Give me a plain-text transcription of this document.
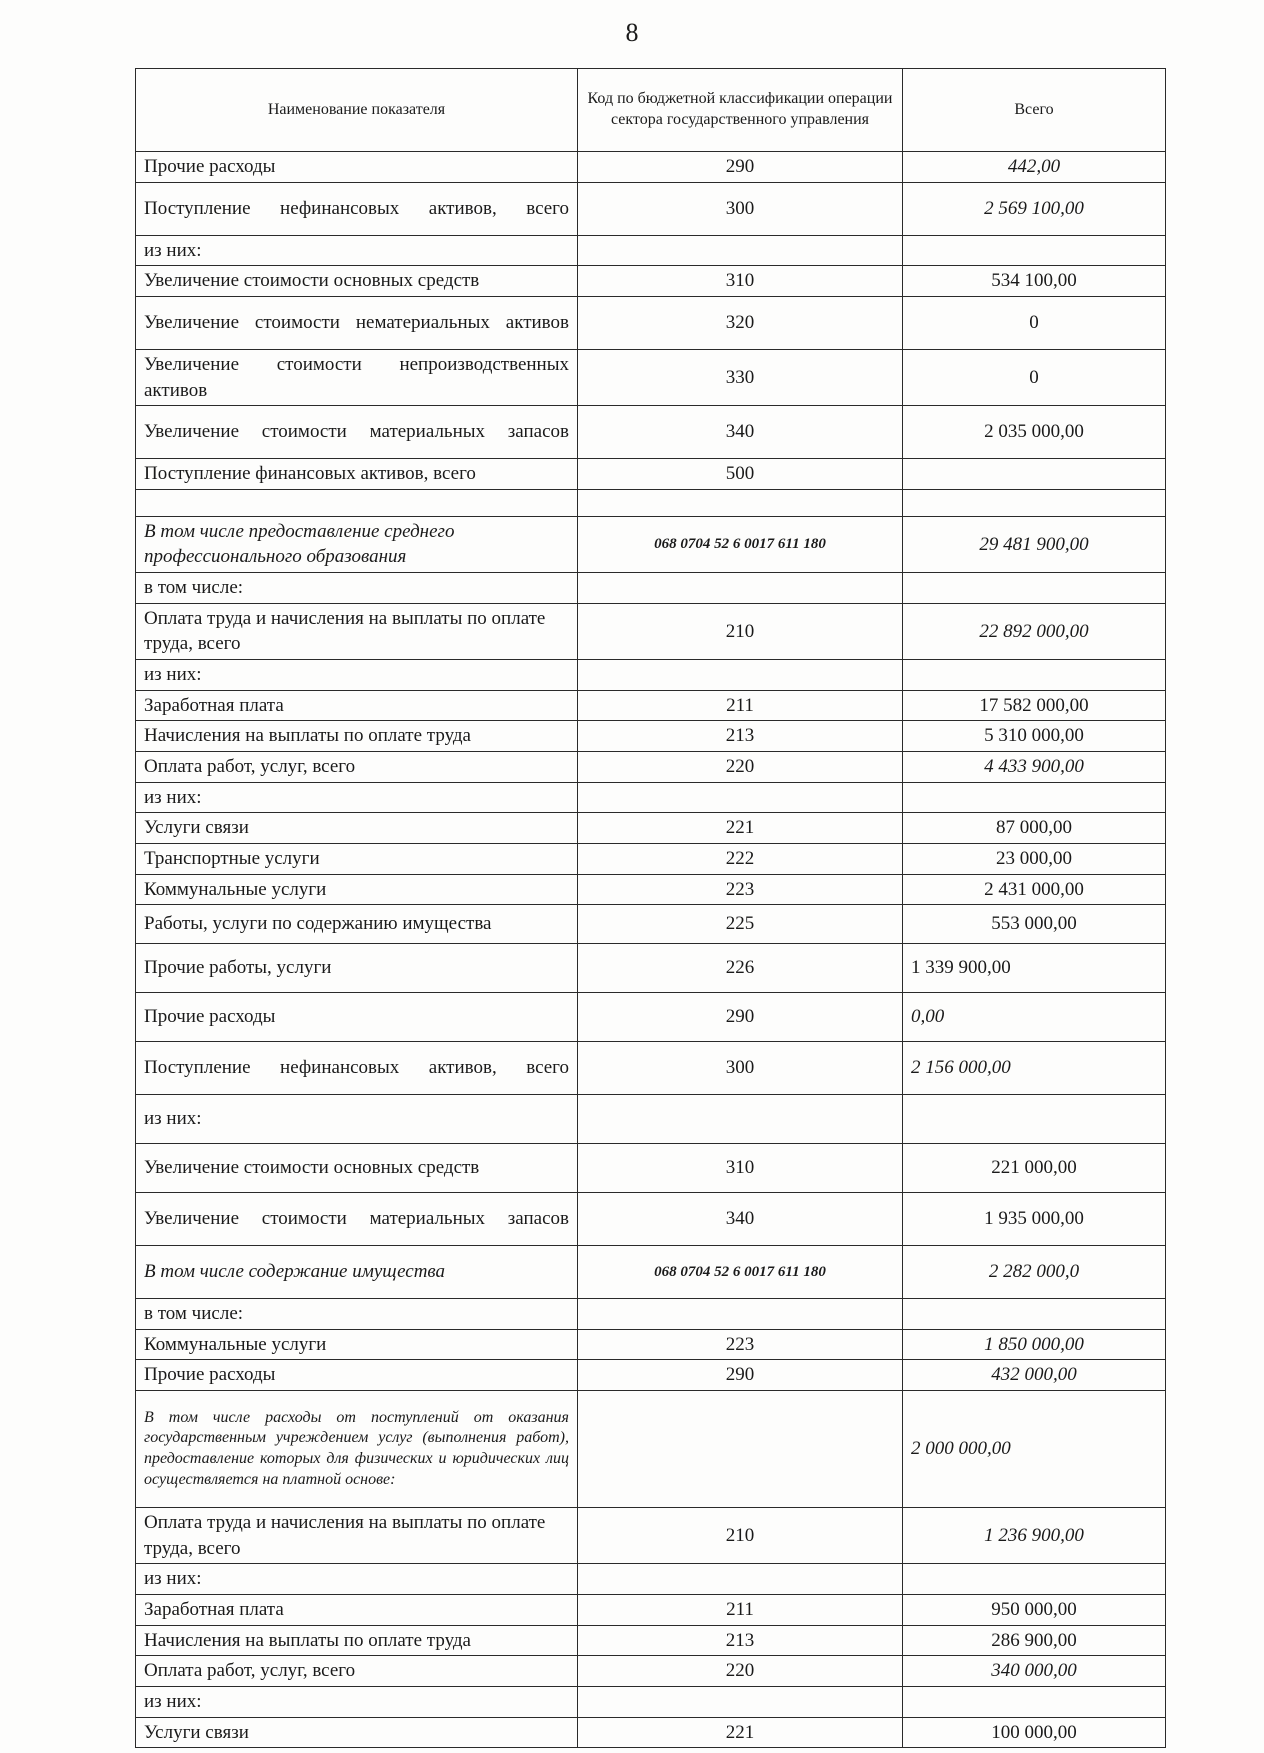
8
Наименование показателя	Код по бюджетной классификации операции сектора государственного управления	Всего
Прочие расходы	290	442,00
Поступление нефинансовых активов, всего	300	2 569 100,00
из них:		
Увеличение стоимости основных средств	310	534 100,00
Увеличение стоимости нематериальных активов	320	0
Увеличение стоимости непроизводственных активов	330	0
Увеличение стоимости материальных запасов	340	2 035 000,00
Поступление финансовых активов, всего	500	

В том числе предоставление среднего профессионального образования	068 0704 52 6 0017 611 180	29 481 900,00
в том числе:		
Оплата труда и начисления на выплаты по оплате труда, всего	210	22 892 000,00
из них:		
Заработная плата	211	17 582 000,00
Начисления на выплаты по оплате труда	213	5 310 000,00
Оплата работ, услуг, всего	220	4 433 900,00
из них:		
Услуги связи	221	87 000,00
Транспортные услуги	222	23 000,00
Коммунальные услуги	223	2 431 000,00
Работы, услуги по содержанию имущества	225	553 000,00
Прочие работы, услуги	226	1 339 900,00
Прочие расходы	290	0,00
Поступление нефинансовых активов, всего	300	2 156 000,00
из них:		
Увеличение стоимости основных средств	310	221 000,00
Увеличение стоимости материальных запасов	340	1 935 000,00
В том числе содержание имущества	068 0704 52 6 0017 611 180	2 282 000,0
в том числе:		
Коммунальные услуги	223	1 850 000,00
Прочие расходы	290	432 000,00
В том числе расходы от поступлений от оказания государственным учреждением услуг (выполнения работ), предоставление которых для физических и юридических лиц осуществляется на платной основе:		2 000 000,00
Оплата труда и начисления на выплаты по оплате труда, всего	210	1 236 900,00
из них:		
Заработная плата	211	950 000,00
Начисления на выплаты по оплате труда	213	286 900,00
Оплата работ, услуг, всего	220	340 000,00
из них:		
Услуги связи	221	100 000,00
